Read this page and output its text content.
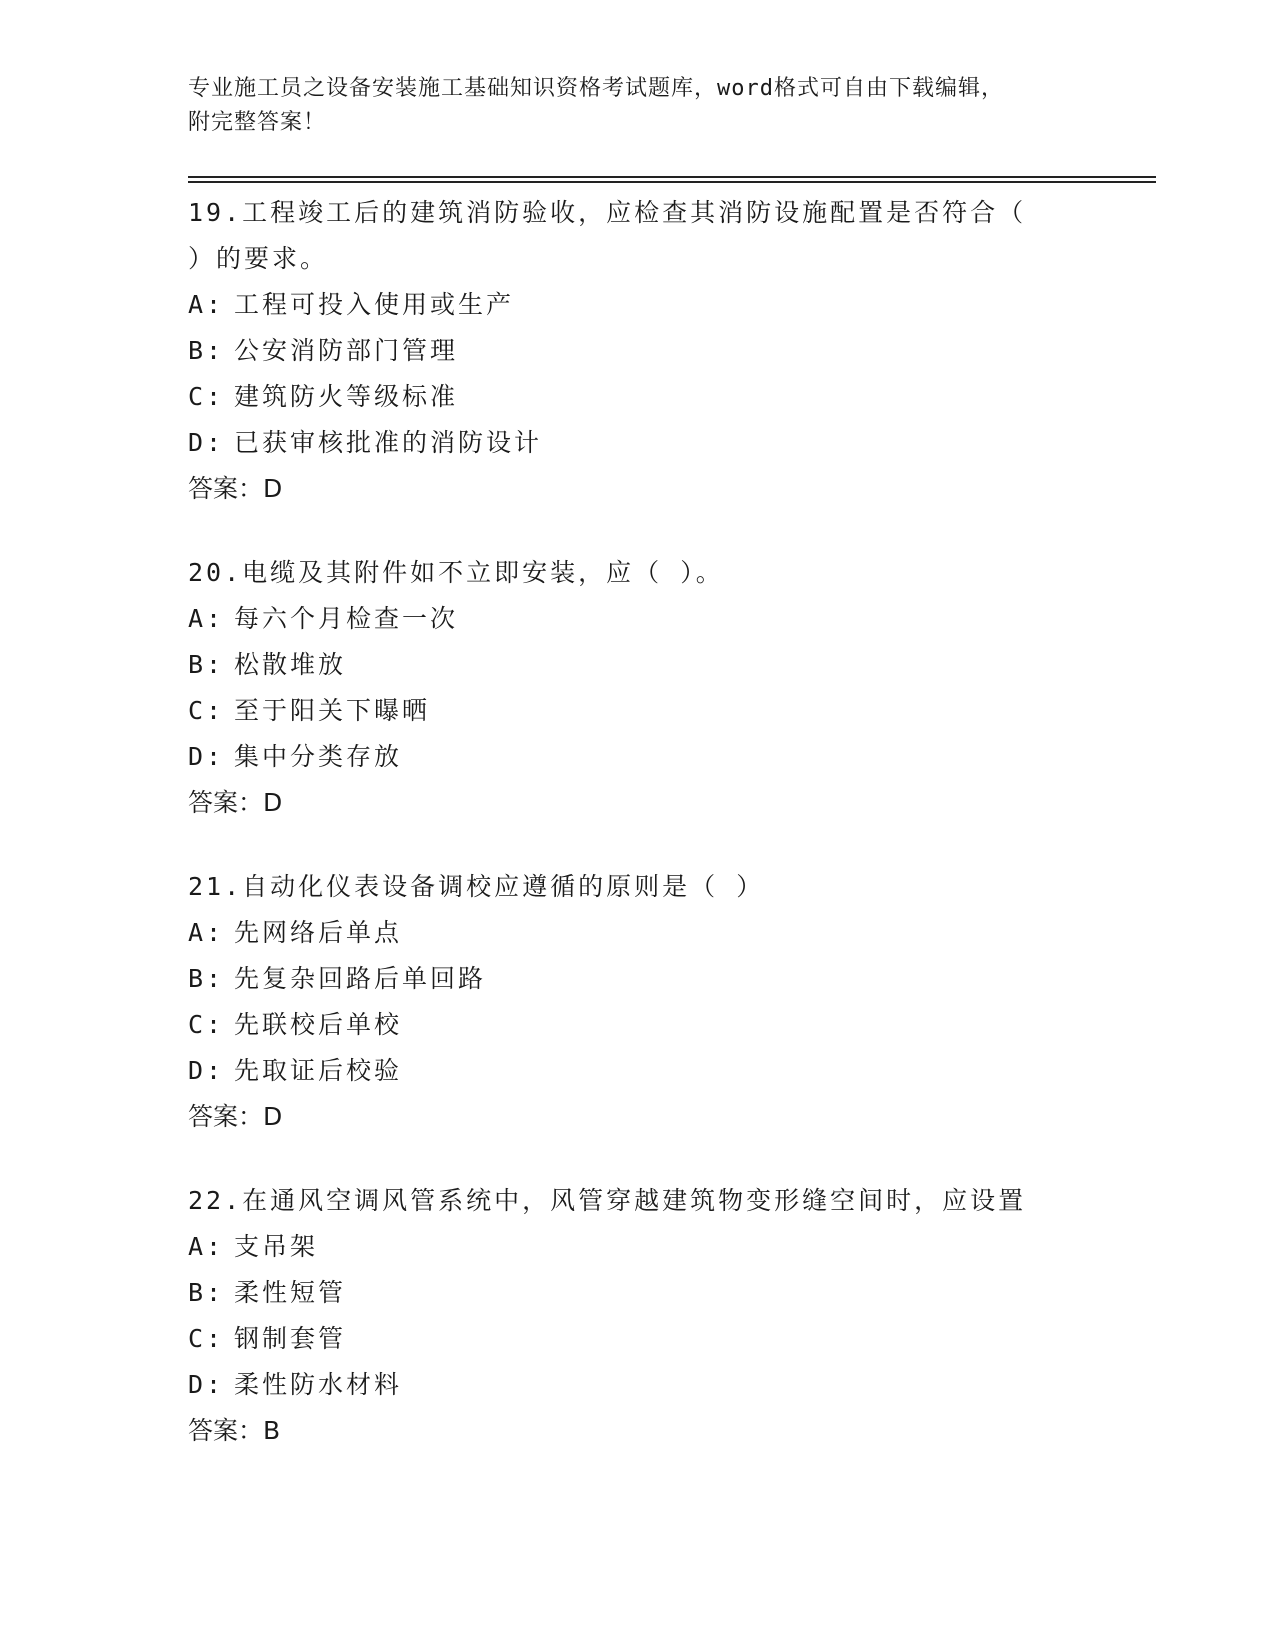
专业施工员之设备安装施工基础知识资格考试题库，word格式可自由下载编辑，
附完整答案！
19.工程竣工后的建筑消防验收，应检查其消防设施配置是否符合（ ）的要求。
A: 工程可投入使用或生产
B: 公安消防部门管理
C: 建筑防火等级标准
D: 已获审核批准的消防设计
答案：D
20.电缆及其附件如不立即安装，应（ ）。
A: 每六个月检查一次
B: 松散堆放
C: 至于阳关下曝晒
D: 集中分类存放
答案：D
21.自动化仪表设备调校应遵循的原则是（ ）
A: 先网络后单点
B: 先复杂回路后单回路
C: 先联校后单校
D: 先取证后校验
答案：D
22.在通风空调风管系统中，风管穿越建筑物变形缝空间时，应设置
A: 支吊架
B: 柔性短管
C: 钢制套管
D: 柔性防水材料
答案：B
